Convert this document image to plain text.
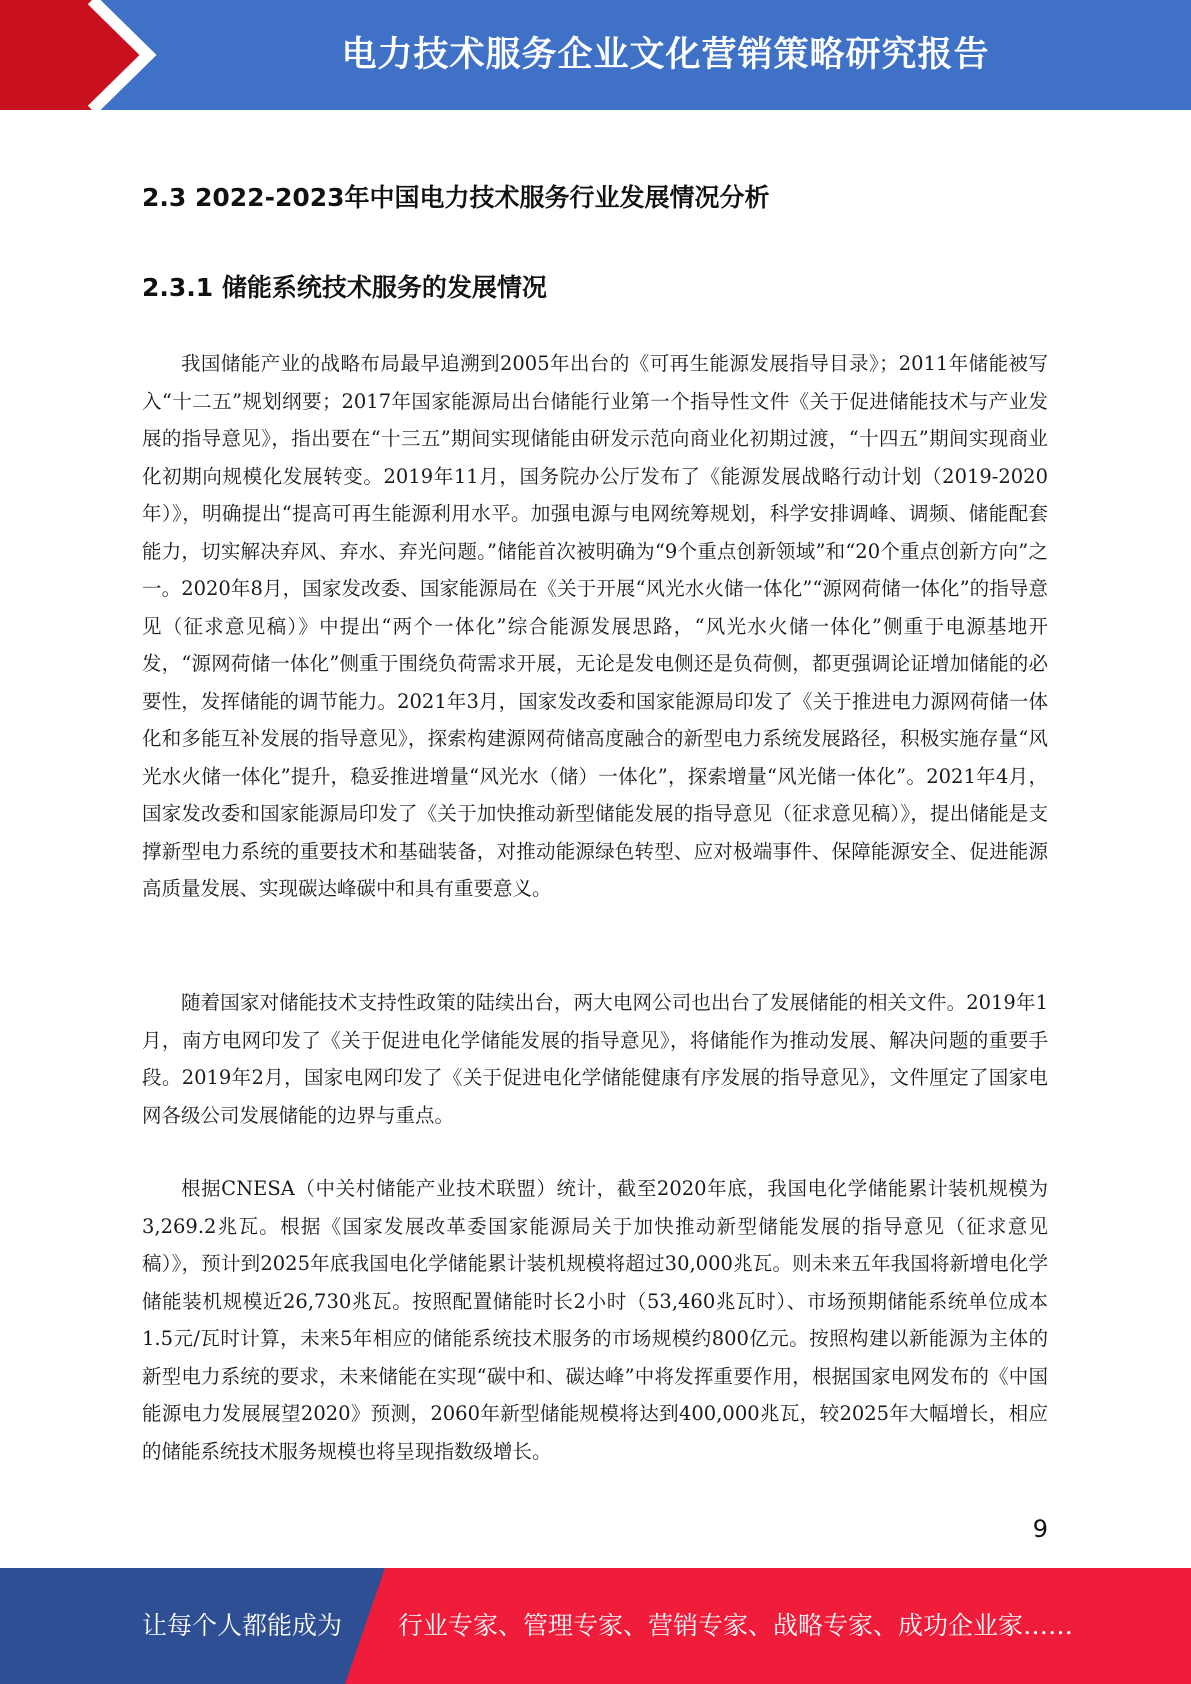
电力技术服务企业文化营销策略研究报告
2.3 2022-2023年中国电力技术服务行业发展情况分析
2.3.1 储能系统技术服务的发展情况

我国储能产业的战略布局最早追溯到2005年出台的《可再生能源发展指导目录》；2011年储能被写入“十二五”规划纲要；2017年国家能源局出台储能行业第一个指导性文件《关于促进储能技术与产业发展的指导意见》，指出要在“十三五”期间实现储能由研发示范向商业化初期过渡，“十四五”期间实现商业化初期向规模化发展转变。2019年11月，国务院办公厅发布了《能源发展战略行动计划（2019-2020年）》，明确提出“提高可再生能源利用水平。加强电源与电网统筹规划，科学安排调峰、调频、储能配套能力，切实解决弃风、弃水、弃光问题。”储能首次被明确为“9个重点创新领域”和“20个重点创新方向”之一。2020年8月，国家发改委、国家能源局在《关于开展“风光水火储一体化”“源网荷储一体化”的指导意见（征求意见稿）》中提出“两个一体化”综合能源发展思路，“风光水火储一体化”侧重于电源基地开发，“源网荷储一体化”侧重于围绕负荷需求开展，无论是发电侧还是负荷侧，都更强调论证增加储能的必要性，发挥储能的调节能力。2021年3月，国家发改委和国家能源局印发了《关于推进电力源网荷储一体化和多能互补发展的指导意见》，探索构建源网荷储高度融合的新型电力系统发展路径，积极实施存量“风光水火储一体化”提升，稳妥推进增量“风光水（储）一体化”，探索增量“风光储一体化”。2021年4月，国家发改委和国家能源局印发了《关于加快推动新型储能发展的指导意见（征求意见稿）》，提出储能是支撑新型电力系统的重要技术和基础装备，对推动能源绿色转型、应对极端事件、保障能源安全、促进能源高质量发展、实现碳达峰碳中和具有重要意义。

随着国家对储能技术支持性政策的陆续出台，两大电网公司也出台了发展储能的相关文件。2019年1月，南方电网印发了《关于促进电化学储能发展的指导意见》，将储能作为推动发展、解决问题的重要手段。2019年2月，国家电网印发了《关于促进电化学储能健康有序发展的指导意见》，文件厘定了国家电网各级公司发展储能的边界与重点。

根据CNESA（中关村储能产业技术联盟）统计，截至2020年底，我国电化学储能累计装机规模为3,269.2兆瓦。根据《国家发展改革委国家能源局关于加快推动新型储能发展的指导意见（征求意见稿）》，预计到2025年底我国电化学储能累计装机规模将超过30,000兆瓦。则未来五年我国将新增电化学储能装机规模近26,730兆瓦。按照配置储能时长2小时（53,460兆瓦时）、市场预期储能系统单位成本1.5元/瓦时计算，未来5年相应的储能系统技术服务的市场规模约800亿元。按照构建以新能源为主体的新型电力系统的要求，未来储能在实现“碳中和、碳达峰”中将发挥重要作用，根据国家电网发布的《中国能源电力发展展望2020》预测，2060年新型储能规模将达到400,000兆瓦，较2025年大幅增长，相应的储能系统技术服务规模也将呈现指数级增长。

9
让每个人都能成为 行业专家、管理专家、营销专家、战略专家、成功企业家……
